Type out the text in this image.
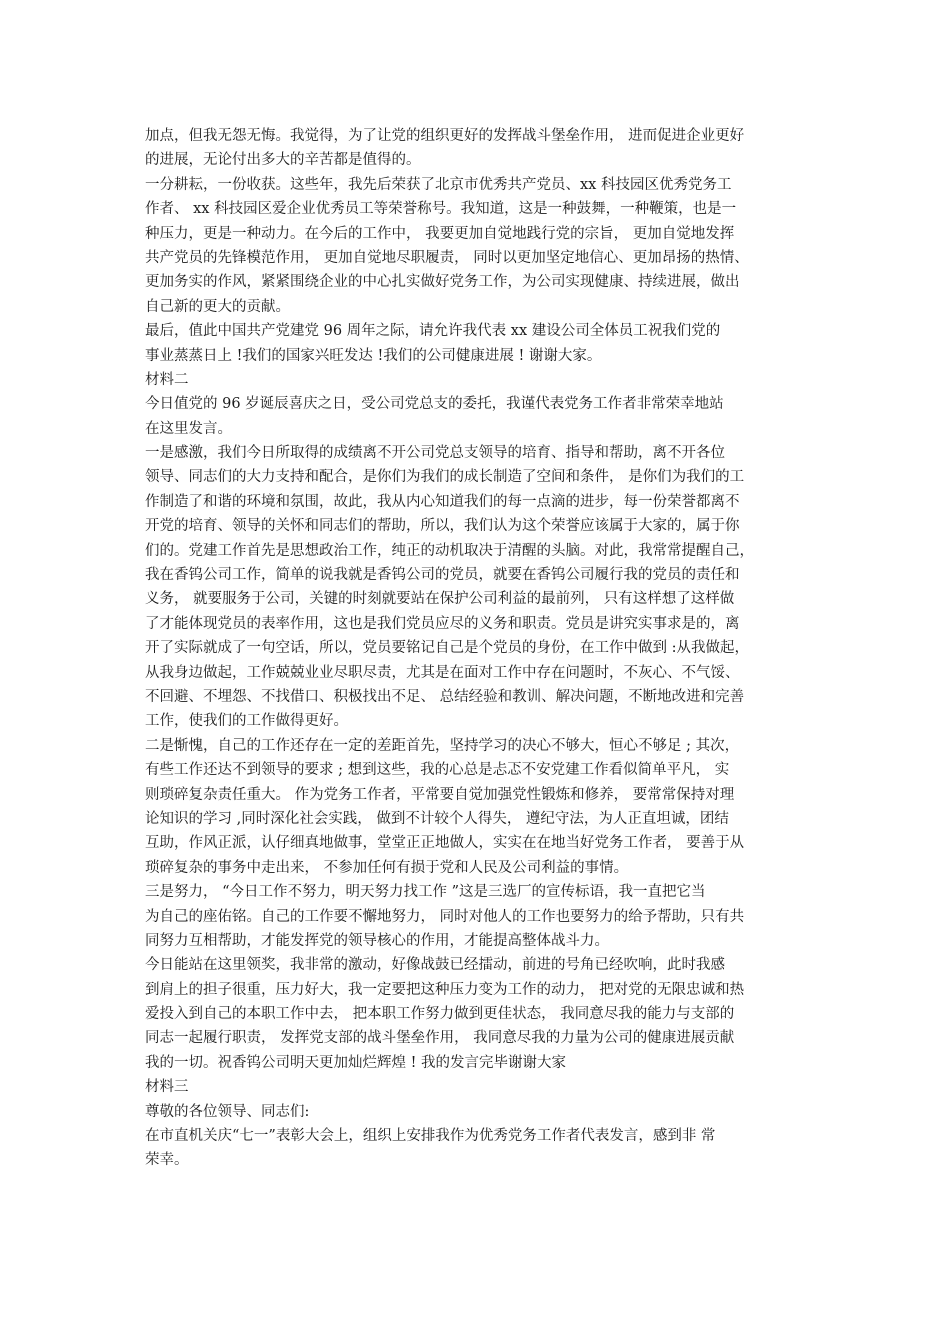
加点，但我无怨无悔。我觉得，为了让党的组织更好的发挥战斗堡垒作用， 进而促进企业更好
的进展，无论付出多大的辛苦都是值得的。
一分耕耘，一份收获。这些年，我先后荣获了北京市优秀共产党员、xx 科技园区优秀党务工
作者、 xx 科技园区爱企业优秀员工等荣誉称号。我知道，这是一种鼓舞，一种鞭策，也是一
种压力，更是一种动力。在今后的工作中， 我要更加自觉地践行党的宗旨， 更加自觉地发挥
共产党员的先锋模范作用， 更加自觉地尽职履责， 同时以更加坚定地信心、更加昂扬的热情、
更加务实的作风，紧紧围绕企业的中心扎实做好党务工作，为公司实现健康、持续进展，做出
自己新的更大的贡献。
最后，值此中国共产党建党 96 周年之际，请允许我代表 xx 建设公司全体员工祝我们党的
事业蒸蒸日上 !我们的国家兴旺发达 !我们的公司健康进展 ! 谢谢大家。
材料二
今日值党的 96 岁诞辰喜庆之日，受公司党总支的委托，我谨代表党务工作者非常荣幸地站
在这里发言。
一是感激，我们今日所取得的成绩离不开公司党总支领导的培育、指导和帮助，离不开各位
领导、同志们的大力支持和配合，是你们为我们的成长制造了空间和条件， 是你们为我们的工
作制造了和谐的环境和氛围，故此，我从内心知道我们的每一点滴的进步，每一份荣誉都离不
开党的培育、领导的关怀和同志们的帮助，所以，我们认为这个荣誉应该属于大家的，属于你
们的。党建工作首先是思想政治工作，纯正的动机取决于清醒的头脑。对此，我常常提醒自己，
我在香钨公司工作，简单的说我就是香钨公司的党员，就要在香钨公司履行我的党员的责任和
义务， 就要服务于公司，关键的时刻就要站在保护公司利益的最前列， 只有这样想了这样做
了才能体现党员的表率作用，这也是我们党员应尽的义务和职责。党员是讲究实事求是的，离
开了实际就成了一句空话，所以，党员要铭记自己是个党员的身份，在工作中做到 :从我做起，
从我身边做起，工作兢兢业业尽职尽责，尤其是在面对工作中存在问题时，不灰心、不气馁、
不回避、不埋怨、不找借口、积极找出不足、 总结经验和教训、解决问题，不断地改进和完善
工作，使我们的工作做得更好。
二是惭愧，自己的工作还存在一定的差距首先，坚持学习的决心不够大，恒心不够足 ; 其次，
有些工作还达不到领导的要求 ; 想到这些，我的心总是忐忑不安党建工作看似简单平凡， 实
则琐碎复杂责任重大。 作为党务工作者，平常要自觉加强党性锻炼和修养， 要常常保持对理
论知识的学习 ,同时深化社会实践， 做到不计较个人得失， 遵纪守法，为人正直坦诚，团结
互助，作风正派，认仔细真地做事，堂堂正正地做人，实实在在地当好党务工作者， 要善于从
琐碎复杂的事务中走出来， 不参加任何有损于党和人民及公司利益的事情。
三是努力， “今日工作不努力，明天努力找工作 ”这是三选厂的宣传标语，我一直把它当
为自己的座佑铭。自己的工作要不懈地努力， 同时对他人的工作也要努力的给予帮助，只有共
同努力互相帮助，才能发挥党的领导核心的作用，才能提高整体战斗力。
今日能站在这里领奖，我非常的激动，好像战鼓已经擂动，前进的号角已经吹响，此时我感
到肩上的担子很重，压力好大，我一定要把这种压力变为工作的动力， 把对党的无限忠诚和热
爱投入到自己的本职工作中去， 把本职工作努力做到更佳状态， 我同意尽我的能力与支部的
同志一起履行职责， 发挥党支部的战斗堡垒作用， 我同意尽我的力量为公司的健康进展贡献
我的一切。祝香钨公司明天更加灿烂辉煌 ! 我的发言完毕谢谢大家
材料三
尊敬的各位领导、同志们:
在市直机关庆“七一”表彰大会上，组织上安排我作为优秀党务工作者代表发言，感到非 常
荣幸。
